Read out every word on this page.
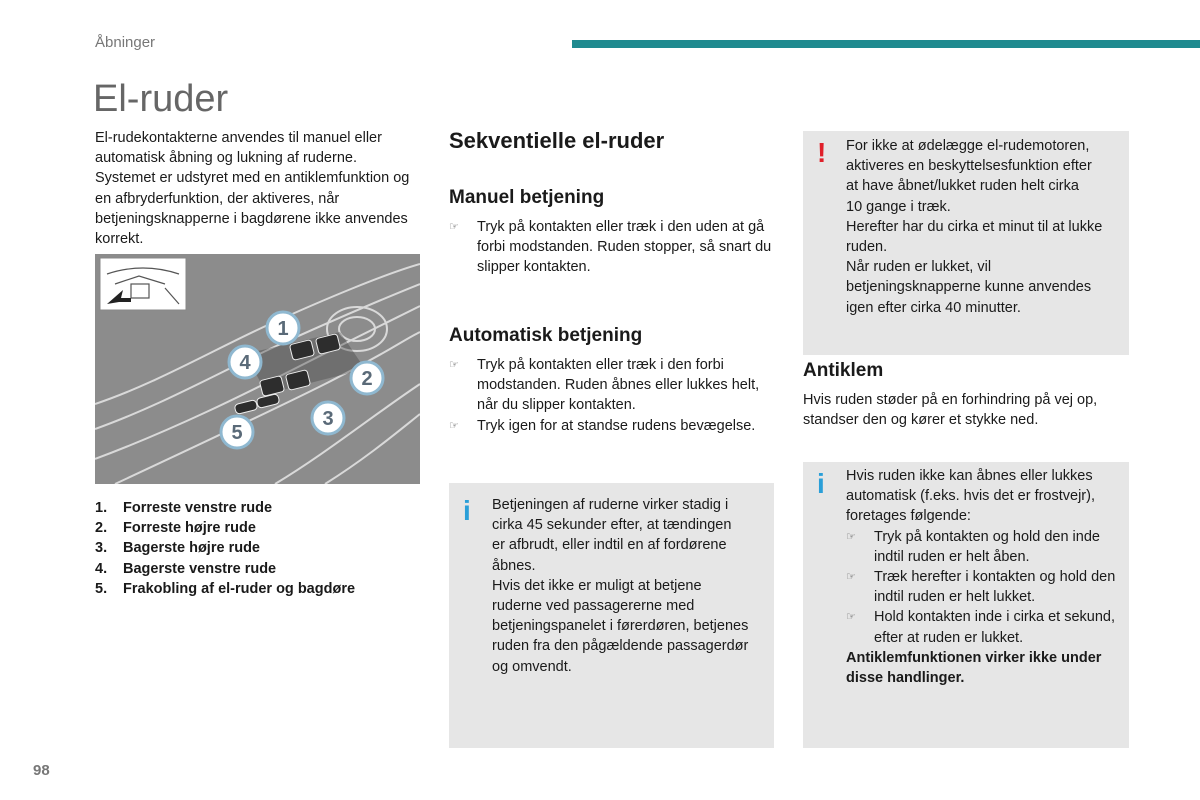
Åbninger
El-ruder
El-rudekontakterne anvendes til manuel eller automatisk åbning og lukning af ruderne. Systemet er udstyret med en antiklemfunktion og en afbryderfunktion, der aktiveres, når betjeningsknapperne i bagdørene ikke anvendes korrekt.
1
2
3
4
5
1.	Forreste venstre rude
2.	Forreste højre rude
3.	Bagerste højre rude
4.	Bagerste venstre rude
5.	Frakobling af el-ruder og bagdøre
Sekventielle el-ruder
Manuel betjening
☞ Tryk på kontakten eller træk i den uden at gå forbi modstanden. Ruden stopper, så snart du slipper kontakten.
Automatisk betjening
☞ Tryk på kontakten eller træk i den forbi modstanden. Ruden åbnes eller lukkes helt, når du slipper kontakten.
☞ Tryk igen for at standse rudens bevægelse.
i Betjeningen af ruderne virker stadig i
cirka 45 sekunder efter, at tændingen
er afbrudt, eller indtil en af fordørene
åbnes.
Hvis det ikke er muligt at betjene
ruderne ved passagererne med
betjeningspanelet i førerdøren, betjenes
ruden fra den pågældende passagerdør
og omvendt.
! For ikke at ødelægge el-rudemotoren,
aktiveres en beskyttelsesfunktion efter
at have åbnet/lukket ruden helt cirka
10 gange i træk.
Herefter har du cirka et minut til at lukke
ruden.
Når ruden er lukket, vil
betjeningsknapperne kunne anvendes
igen efter cirka 40 minutter.
Antiklem
Hvis ruden støder på en forhindring på vej op, standser den og kører et stykke ned.
i Hvis ruden ikke kan åbnes eller lukkes automatisk (f.eks. hvis det er frostvejr), foretages følgende:
☞ Tryk på kontakten og hold den inde indtil ruden er helt åben.
☞ Træk herefter i kontakten og hold den indtil ruden er helt lukket.
☞ Hold kontakten inde i cirka et sekund, efter at ruden er lukket.
Antiklemfunktionen virker ikke under disse handlinger.
98
